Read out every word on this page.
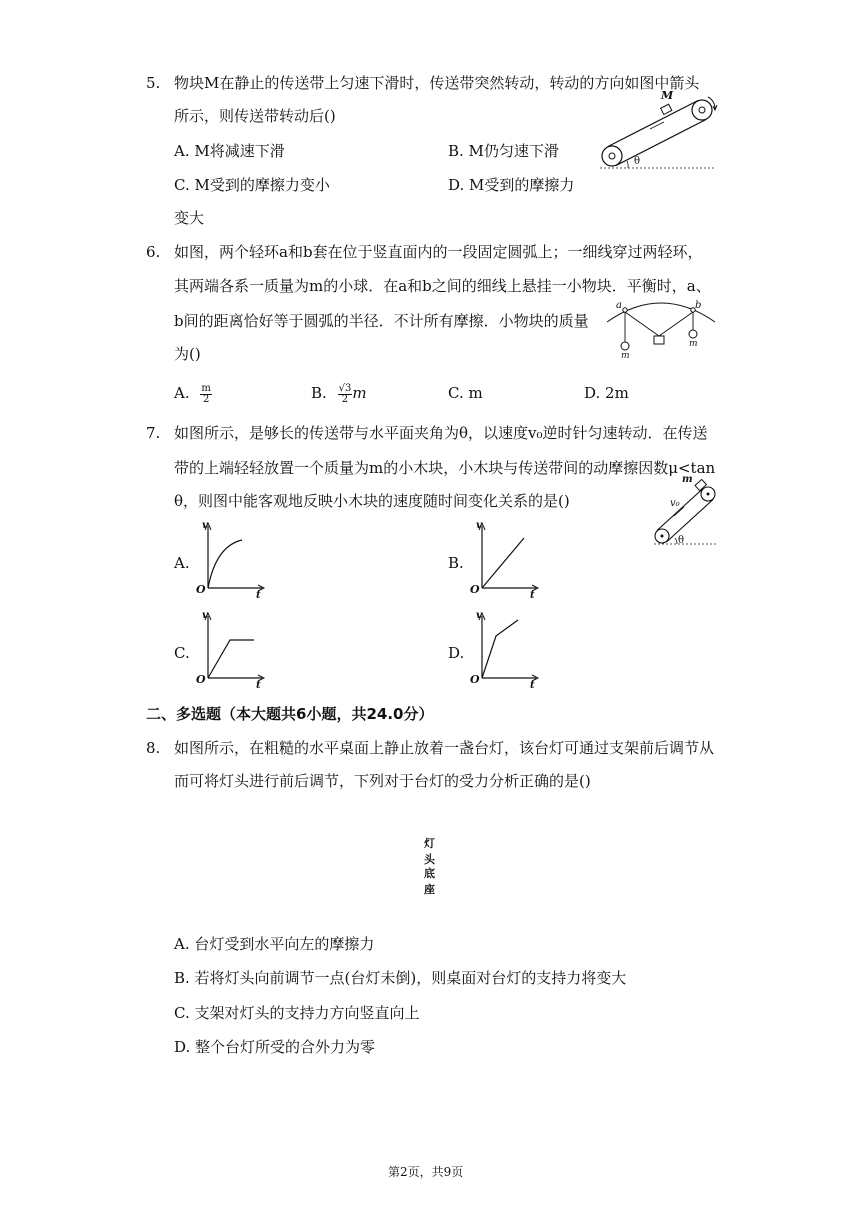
5. 物块M在静止的传送带上匀速下滑时，传送带突然转动，转动的方向如图中箭头
所示，则传送带转动后()
A. M将减速下滑	B. M仍匀速下滑
C. M受到的摩擦力变小	D. M受到的摩擦力
变大
M
θ
6. 如图，两个轻环a和b套在位于竖直面内的一段固定圆弧上；一细线穿过两轻环，
其两端各系一质量为m的小球．在a和b之间的细线上悬挂一小物块．平衡时，a、
b间的距离恰好等于圆弧的半径．不计所有摩擦．小物块的质量
为()
A. $\frac{m}{2}$	B. $\frac{√3}{2}$ m	C. m	D. 2m
a	b
m
m
7. 如图所示，是够长的传送带与水平面夹角为θ，以速度v₀逆时针匀速转动．在传送
带的上端轻轻放置一个质量为m的小木块，小木块与传送带间的动摩擦因数μ<tan
θ，则图中能客观地反映小木块的速度随时间变化关系的是()
m
v₀
θ
A.
v
O	t
B.
v
O	t
C.
v
O	t
D.
v
O	t
二、多选题（本大题共6小题，共24.0分）
8. 如图所示，在粗糙的水平桌面上静止放着一盏台灯，该台灯可通过支架前后调节从
而可将灯头进行前后调节，下列对于台灯的受力分析正确的是()
灯头
底座
A. 台灯受到水平向左的摩擦力
B. 若将灯头向前调节一点(台灯未倒)，则桌面对台灯的支持力将变大
C. 支架对灯头的支持力方向竖直向上
D. 整个台灯所受的合外力为零
第2页，共9页
